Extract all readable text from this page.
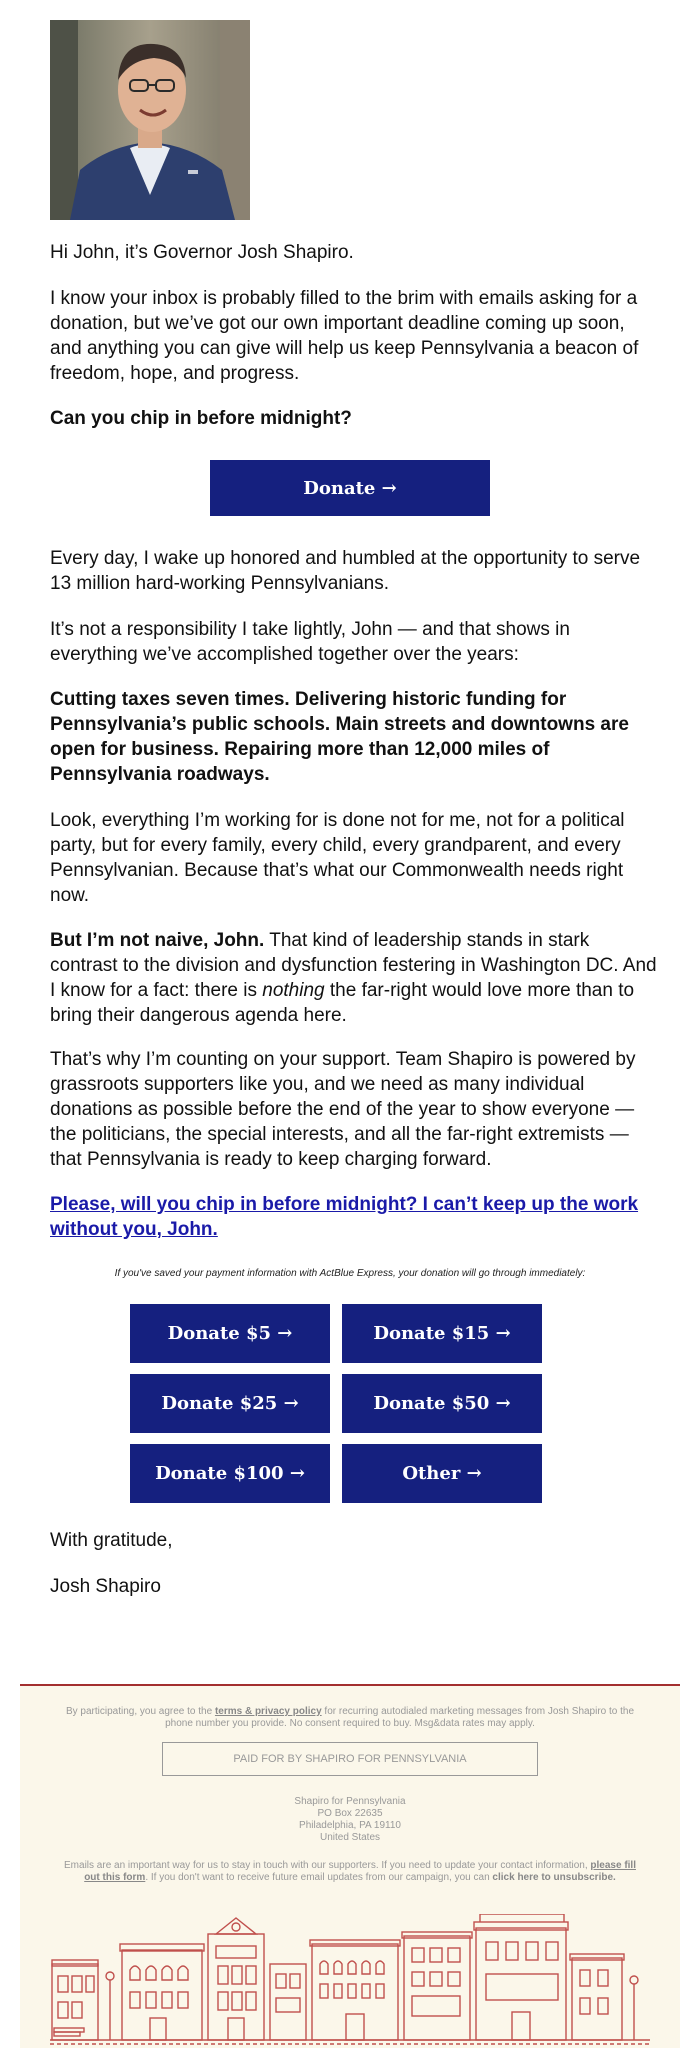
Hi John, it’s Governor Josh Shapiro.

I know your inbox is probably filled to the brim with emails asking for a donation, but we’ve got our own important deadline coming up soon, and anything you can give will help us keep Pennsylvania a beacon of freedom, hope, and progress.

Can you chip in before midnight?

Donate →

Every day, I wake up honored and humbled at the opportunity to serve 13 million hard-working Pennsylvanians.

It’s not a responsibility I take lightly, John — and that shows in everything we’ve accomplished together over the years:

Cutting taxes seven times. Delivering historic funding for Pennsylvania’s public schools. Main streets and downtowns are open for business. Repairing more than 12,000 miles of Pennsylvania roadways.

Look, everything I’m working for is done not for me, not for a political party, but for every family, every child, every grandparent, and every Pennsylvanian. Because that’s what our Commonwealth needs right now.

But I’m not naive, John. That kind of leadership stands in stark contrast to the division and dysfunction festering in Washington DC. And I know for a fact: there is nothing the far-right would love more than to bring their dangerous agenda here.

That’s why I’m counting on your support. Team Shapiro is powered by grassroots supporters like you, and we need as many individual donations as possible before the end of the year to show everyone — the politicians, the special interests, and all the far-right extremists — that Pennsylvania is ready to keep charging forward.

Please, will you chip in before midnight? I can’t keep up the work without you, John.
If you've saved your payment information with ActBlue Express, your donation will go through immediately:
Donate $5 →	Donate $15 →
Donate $25 →	Donate $50 →
Donate $100 →	Other →

With gratitude,

Josh Shapiro

By participating, you agree to the terms & privacy policy for recurring autodialed marketing messages from Josh Shapiro to the phone number you provide. No consent required to buy. Msg&data rates may apply.
PAID FOR BY SHAPIRO FOR PENNSYLVANIA
Shapiro for Pennsylvania
PO Box 22635
Philadelphia, PA 19110
United States
Emails are an important way for us to stay in touch with our supporters. If you need to update your contact information, please fill out this form. If you don't want to receive future email updates from our campaign, you can click here to unsubscribe.
